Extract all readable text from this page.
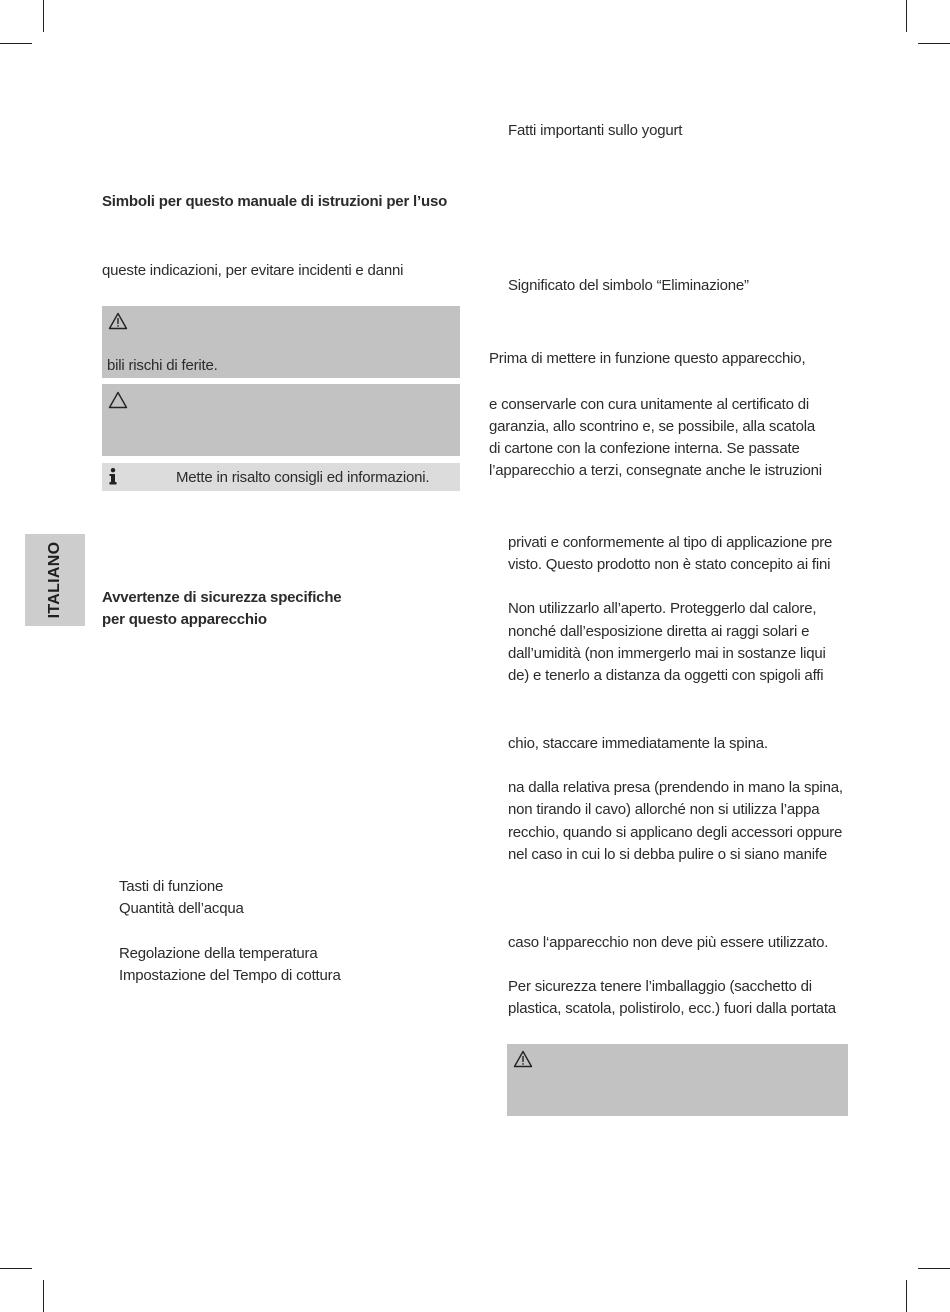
ITALIANO
Simboli per questo manuale di istruzioni per l’uso
queste indicazioni, per evitare incidenti e danni
bili rischi di ferite.
Mette in risalto consigli ed informazioni.
Avvertenze di sicurezza specifiche
per questo apparecchio
Tasti di funzione
Quantità dell’acqua
Regolazione della temperatura
Impostazione del Tempo di cottura
Fatti importanti sullo yogurt
Significato del simbolo “Eliminazione”
Prima di mettere in funzione questo apparecchio,
e conservarle con cura unitamente al certificato di
garanzia, allo scontrino e, se possibile, alla scatola
di cartone con la confezione interna. Se passate
l’apparecchio a terzi, consegnate anche le istruzioni
privati e conformemente al tipo di applicazione pre
visto. Questo prodotto non è stato concepito ai fini
Non utilizzarlo all’aperto. Proteggerlo dal calore,
nonché dall’esposizione diretta ai raggi solari e
dall’umidità (non immergerlo mai in sostanze liqui
de) e tenerlo a distanza da oggetti con spigoli affi
chio, staccare immediatamente la spina.
na dalla relativa presa (prendendo in mano la spina,
non tirando il cavo) allorché non si utilizza l’appa
recchio, quando si applicano degli accessori oppure
nel caso in cui lo si debba pulire o si siano manife
caso l‘apparecchio non deve più essere utilizzato.
Per sicurezza tenere l’imballaggio (sacchetto di
plastica, scatola, polistirolo, ecc.) fuori dalla portata
